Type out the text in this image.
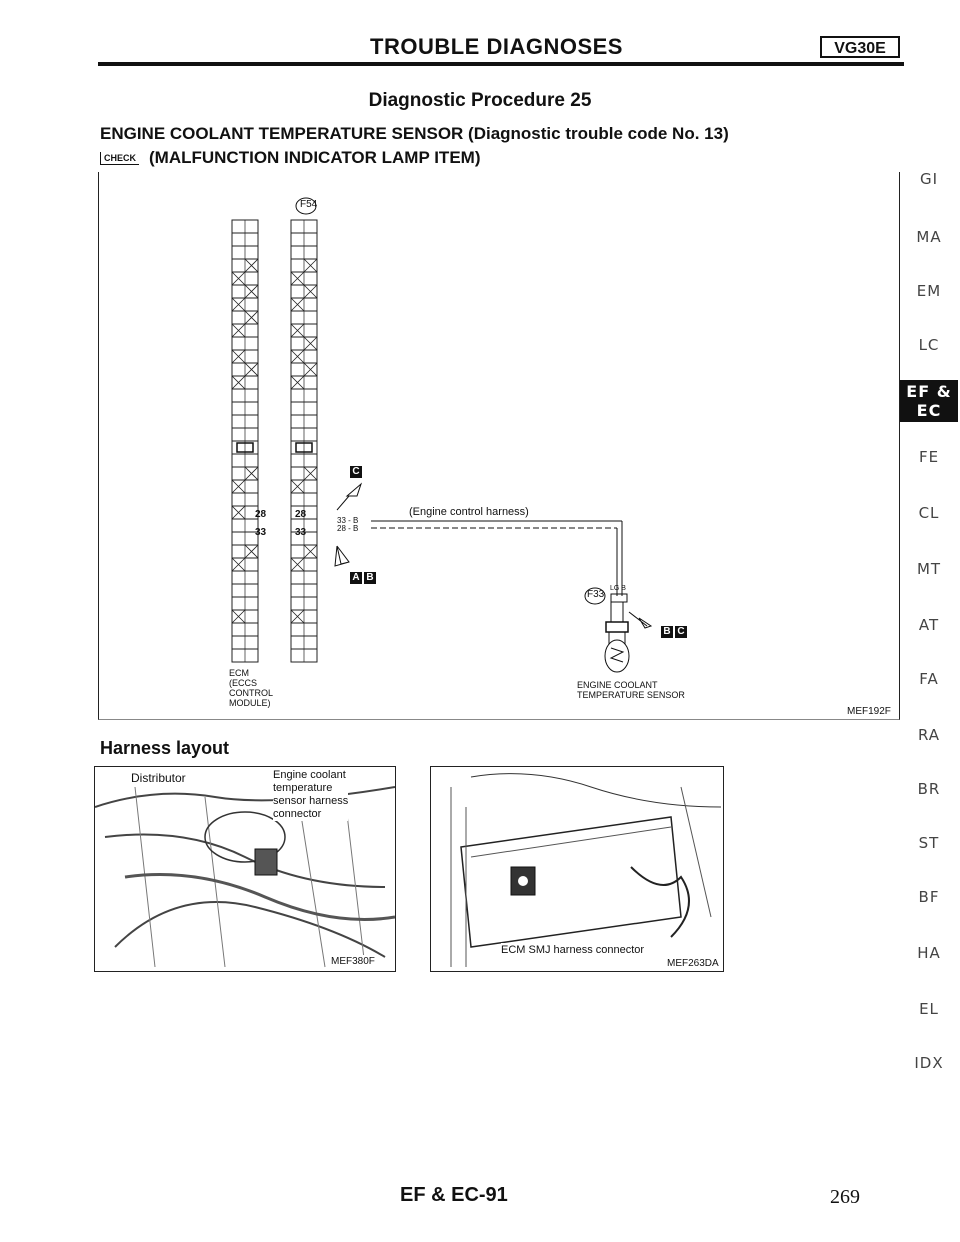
TROUBLE DIAGNOSES	VG30E
Diagnostic Procedure 25
ENGINE COOLANT TEMPERATURE SENSOR (Diagnostic trouble code No. 13)
CHECK (MALFUNCTION INDICATOR LAMP ITEM)
F54
F33
(Engine control harness)
33 - B
28 - B
LG B
28
33
28
33
C
A B
B C
ECM
(ECCS
CONTROL
MODULE)
ENGINE COOLANT
TEMPERATURE SENSOR
MEF192F
Harness layout
Distributor	Engine coolant
temperature
sensor harness
connector
MEF380F
ECM SMJ harness connector
MEF263DA
GI
MA
EM
LC
EF &
EC
FE
CL
MT
AT
FA
RA
BR
ST
BF
HA
EL
IDX
EF & EC-91	269
